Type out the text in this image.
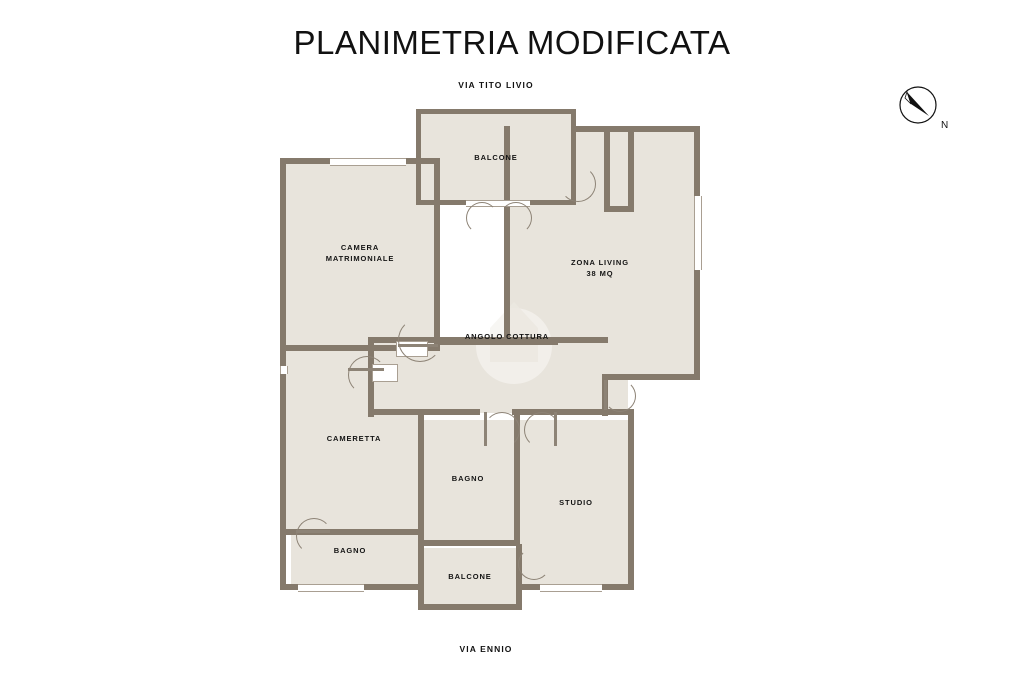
PLANIMETRIA MODIFICATA
VIA TITO LIVIO
VIA ENNIO
BALCONE
CAMERA
MATRIMONIALE	ZONA LIVING
38 MQ
ANGOLO COTTURA
CAMERETTA
BAGNO
STUDIO
BAGNO
BALCONE
N
